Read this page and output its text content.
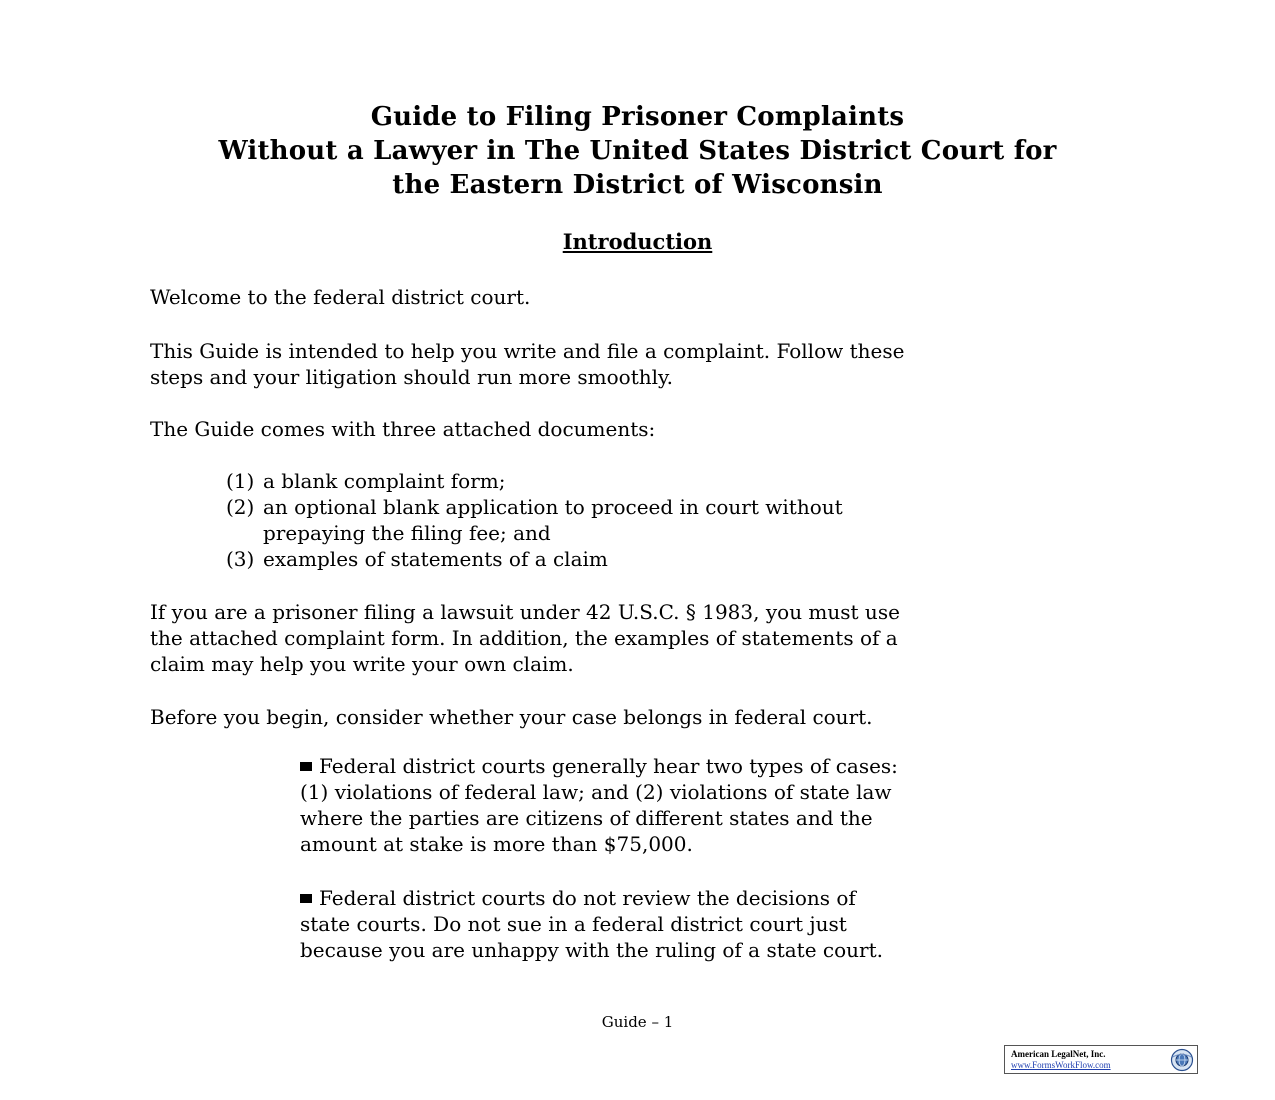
Guide to Filing Prisoner Complaints
Without a Lawyer in The United States District Court for
the Eastern District of Wisconsin
Introduction

Welcome to the federal district court.

This Guide is intended to help you write and file a complaint. Follow these
steps and your litigation should run more smoothly.
The Guide comes with three attached documents:
(1) a blank complaint form;
(2) an optional blank application to proceed in court without
prepaying the filing fee; and
(3) examples of statements of a claim
If you are a prisoner filing a lawsuit under 42 U.S.C. § 1983, you must use
the attached complaint form. In addition, the examples of statements of a
claim may help you write your own claim.
Before you begin, consider whether your case belongs in federal court.
Federal district courts generally hear two types of cases:
(1) violations of federal law; and (2) violations of state law
where the parties are citizens of different states and the
amount at stake is more than $75,000.
Federal district courts do not review the decisions of
state courts. Do not sue in a federal district court just
because you are unhappy with the ruling of a state court.
Guide – 1
American LegalNet, Inc.
www.FormsWorkFlow.com
